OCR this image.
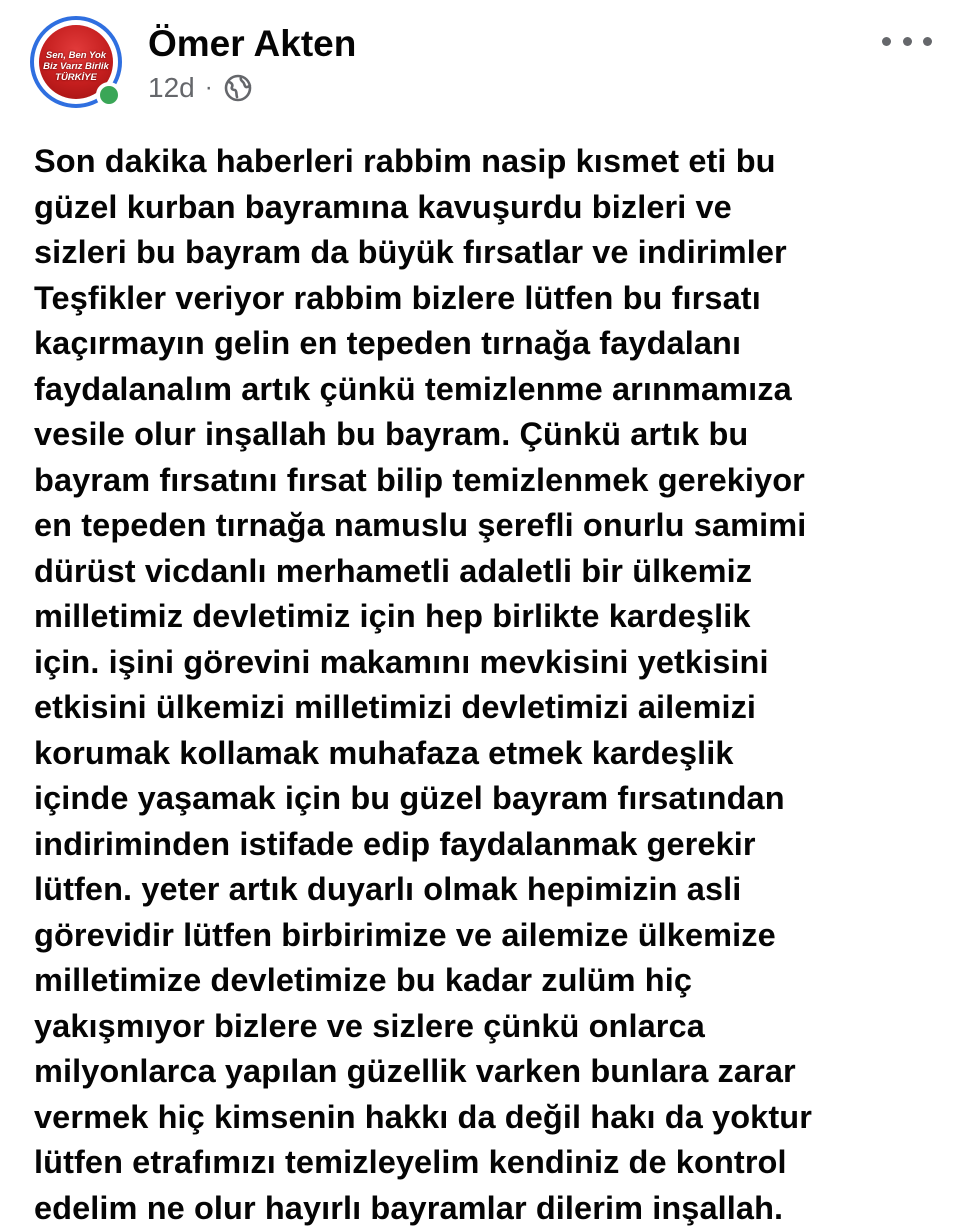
Sen, Ben Yok
Biz Varız Birlik
TÜRKİYE
Ömer Akten
12d ·
Son dakika haberleri rabbim nasip kısmet eti bu
güzel kurban bayramına kavuşurdu bizleri ve
sizleri bu bayram da büyük fırsatlar ve indirimler
Teşfikler veriyor rabbim bizlere lütfen bu fırsatı
kaçırmayın gelin en tepeden tırnağa faydalanı
faydalanalım artık çünkü temizlenme arınmamıza
vesile olur inşallah bu bayram. Çünkü artık bu
bayram fırsatını fırsat bilip temizlenmek gerekiyor
en tepeden tırnağa namuslu şerefli onurlu samimi
dürüst vicdanlı merhametli adaletli bir ülkemiz
milletimiz devletimiz için hep birlikte kardeşlik
için. işini görevini makamını mevkisini yetkisini
etkisini ülkemizi milletimizi devletimizi ailemizi
korumak kollamak muhafaza etmek kardeşlik
içinde yaşamak için bu güzel bayram fırsatından
indiriminden istifade edip faydalanmak gerekir
lütfen. yeter artık duyarlı olmak hepimizin asli
görevidir lütfen birbirimize ve ailemize ülkemize
milletimize devletimize bu kadar zulüm hiç
yakışmıyor bizlere ve sizlere çünkü onlarca
milyonlarca yapılan güzellik varken bunlara zarar
vermek hiç kimsenin hakkı da değil hakı da yoktur
lütfen etrafımızı temizleyelim kendiniz de kontrol
edelim ne olur hayırlı bayramlar dilerim inşallah.
